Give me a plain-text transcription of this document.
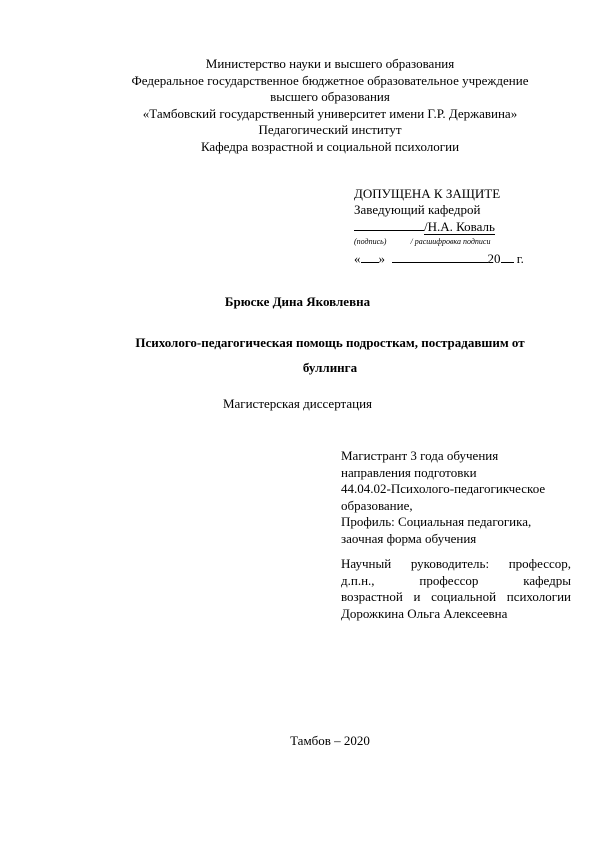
Министерство науки и высшего образования
Федеральное государственное бюджетное образовательное учреждение
высшего образования
«Тамбовский государственный университет имени Г.Р. Державина»
Педагогический институт
Кафедра возрастной и социальной психологии
ДОПУЩЕНА К ЗАЩИТЕ
Заведующий кафедрой
/Н.А. Коваль
(подпись)	/ расшифровка подписи
« »	20 г.
Брюске Дина Яковлевна
Психолого-педагогическая помощь подросткам, пострадавшим от
буллинга
Магистерская диссертация
Магистрант 3 года обучения
направления подготовки
44.04.02-Психолого-педагогикческое
образование,
Профиль: Социальная педагогика,
заочная форма обучения
Научный руководитель: профессор,
д.п.н., профессор кафедры
возрастной и социальной психологии
Дорожкина Ольга Алексеевна
Тамбов – 2020
